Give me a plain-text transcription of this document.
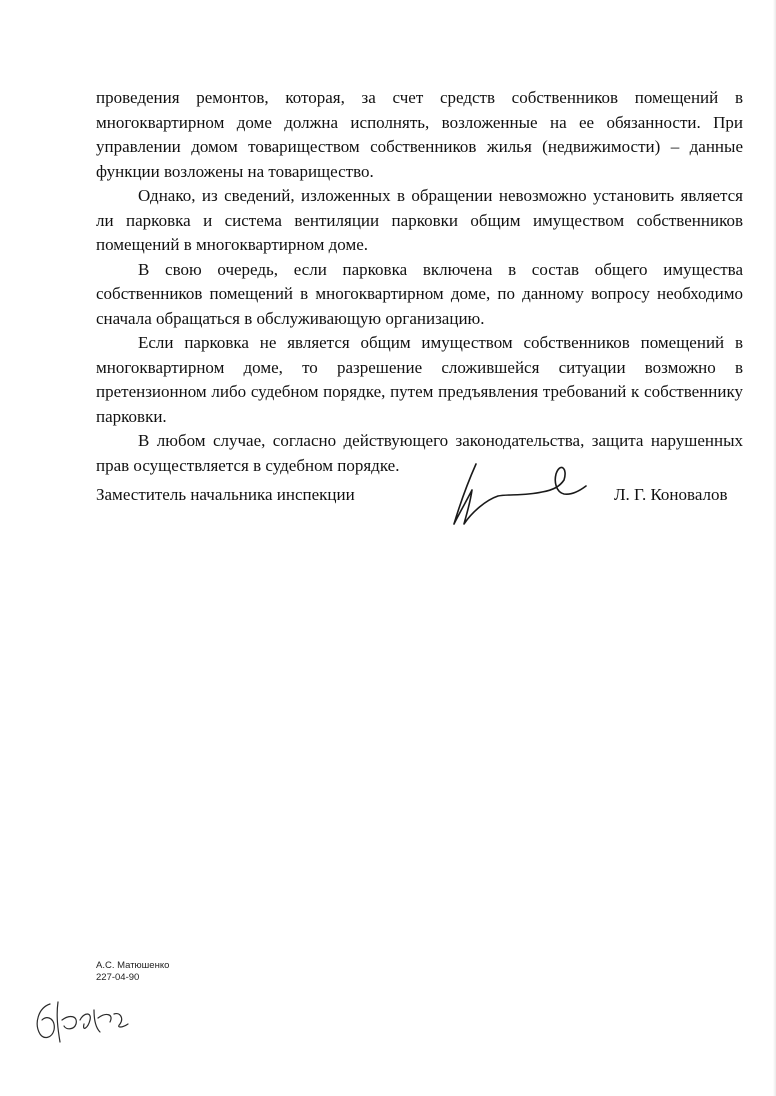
проведения ремонтов, которая, за счет средств собственников помещений в многоквартирном доме должна исполнять, возложенные на ее обязанности. При управлении домом товариществом собственников жилья (недвижимости) – данные функции возложены на товарищество.

Однако, из сведений, изложенных в обращении невозможно установить является ли парковка и система вентиляции парковки общим имуществом собственников помещений в многоквартирном доме.

В свою очередь, если парковка включена в состав общего имущества собственников помещений в многоквартирном доме, по данному вопросу необходимо сначала обращаться в обслуживающую организацию.

Если парковка не является общим имуществом собственников помещений в многоквартирном доме, то разрешение сложившейся ситуации возможно в претензионном либо судебном порядке, путем предъявления требований к собственнику парковки.

В любом случае, согласно действующего законодательства, защита нарушенных прав осуществляется в судебном порядке.

Заместитель начальника инспекции	Л. Г. Коновалов
А.С. Матюшенко
227-04-90
